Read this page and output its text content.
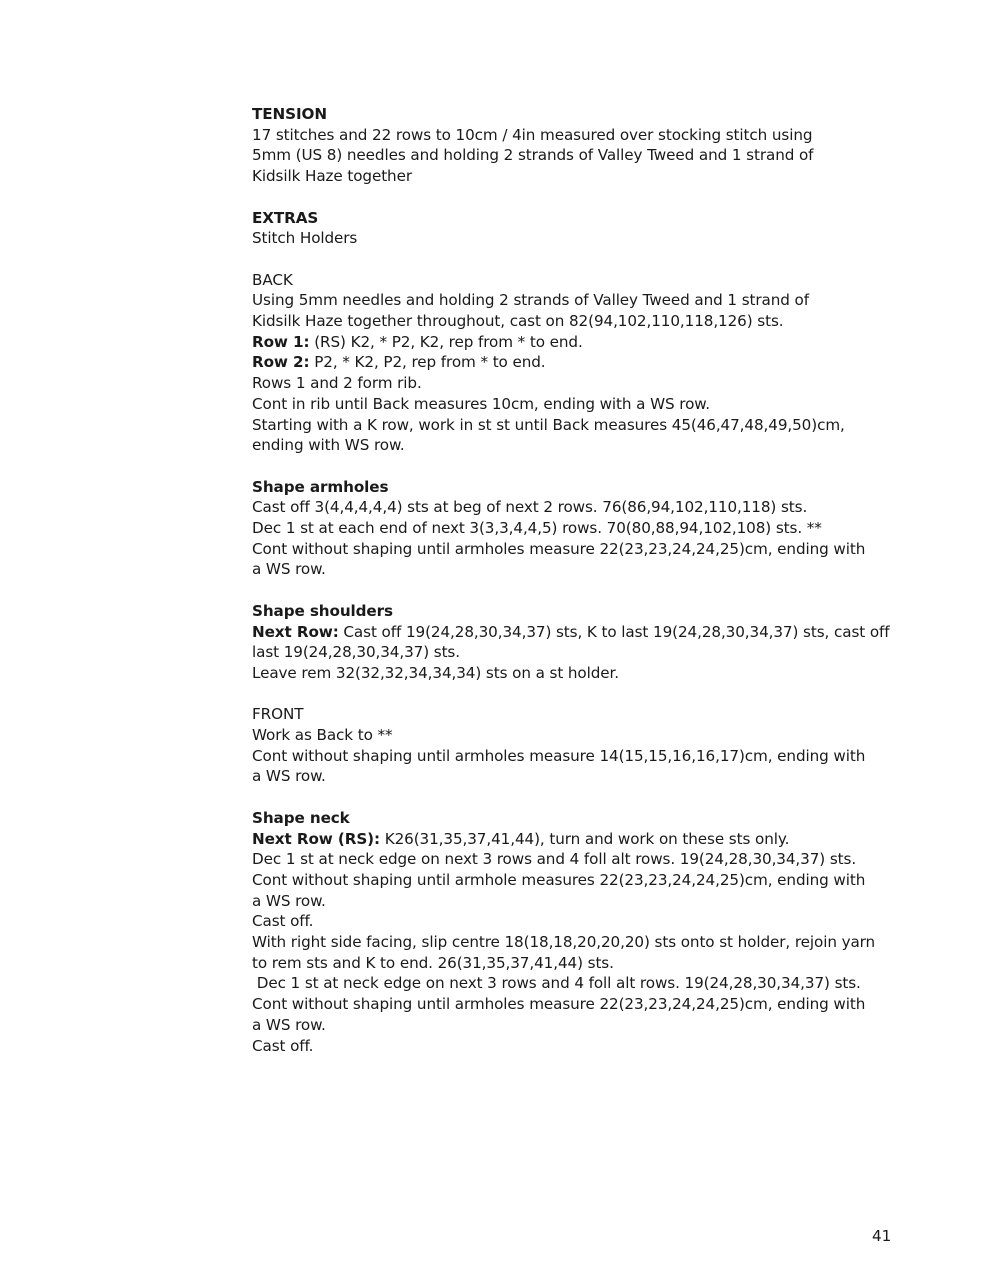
TENSION
17 stitches and 22 rows to 10cm / 4in measured over stocking stitch using
5mm (US 8) needles and holding 2 strands of Valley Tweed and 1 strand of
Kidsilk Haze together
EXTRAS
Stitch Holders
BACK
Using 5mm needles and holding 2 strands of Valley Tweed and 1 strand of
Kidsilk Haze together throughout, cast on 82(94,102,110,118,126) sts.
Row 1: (RS) K2, * P2, K2, rep from * to end.
Row 2: P2, * K2, P2, rep from * to end.
Rows 1 and 2 form rib.
Cont in rib until Back measures 10cm, ending with a WS row.
Starting with a K row, work in st st until Back measures 45(46,47,48,49,50)cm,
ending with WS row.
Shape armholes
Cast off 3(4,4,4,4,4) sts at beg of next 2 rows. 76(86,94,102,110,118) sts.
Dec 1 st at each end of next 3(3,3,4,4,5) rows. 70(80,88,94,102,108) sts. **
Cont without shaping until armholes measure 22(23,23,24,24,25)cm, ending with
a WS row.
Shape shoulders
Next Row: Cast off 19(24,28,30,34,37) sts, K to last 19(24,28,30,34,37) sts, cast off
last 19(24,28,30,34,37) sts.
Leave rem 32(32,32,34,34,34) sts on a st holder.
FRONT
Work as Back to **
Cont without shaping until armholes measure 14(15,15,16,16,17)cm, ending with
a WS row.
Shape neck
Next Row (RS): K26(31,35,37,41,44), turn and work on these sts only.
Dec 1 st at neck edge on next 3 rows and 4 foll alt rows. 19(24,28,30,34,37) sts.
Cont without shaping until armhole measures 22(23,23,24,24,25)cm, ending with
a WS row.
Cast off.
With right side facing, slip centre 18(18,18,20,20,20) sts onto st holder, rejoin yarn
to rem sts and K to end. 26(31,35,37,41,44) sts.
Dec 1 st at neck edge on next 3 rows and 4 foll alt rows. 19(24,28,30,34,37) sts.
Cont without shaping until armholes measure 22(23,23,24,24,25)cm, ending with
a WS row.
Cast off.
41
